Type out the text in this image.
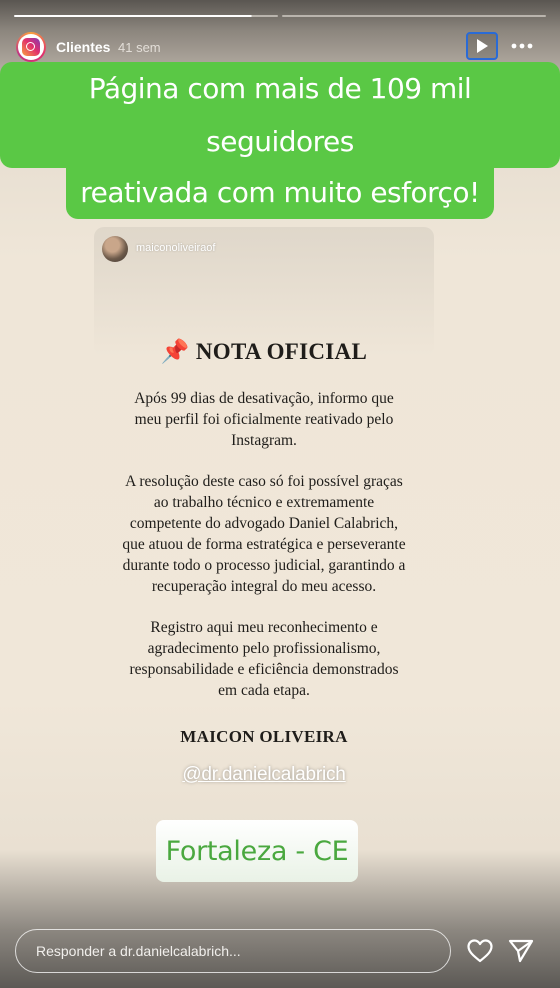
Clientes 41 sem
Página com mais de 109 mil seguidores
reativada com muito esforço!
maiconoliveiraof
📌 NOTA OFICIAL

Após 99 dias de desativação, informo que meu perfil foi oficialmente reativado pelo Instagram.

A resolução deste caso só foi possível graças ao trabalho técnico e extremamente competente do advogado Daniel Calabrich, que atuou de forma estratégica e perseverante durante todo o processo judicial, garantindo a recuperação integral do meu acesso.

Registro aqui meu reconhecimento e agradecimento pelo profissionalismo, responsabilidade e eficiência demonstrados em cada etapa.

MAICON OLIVEIRA
@dr.danielcalabrich
Fortaleza - CE
Responder a dr.danielcalabrich...
